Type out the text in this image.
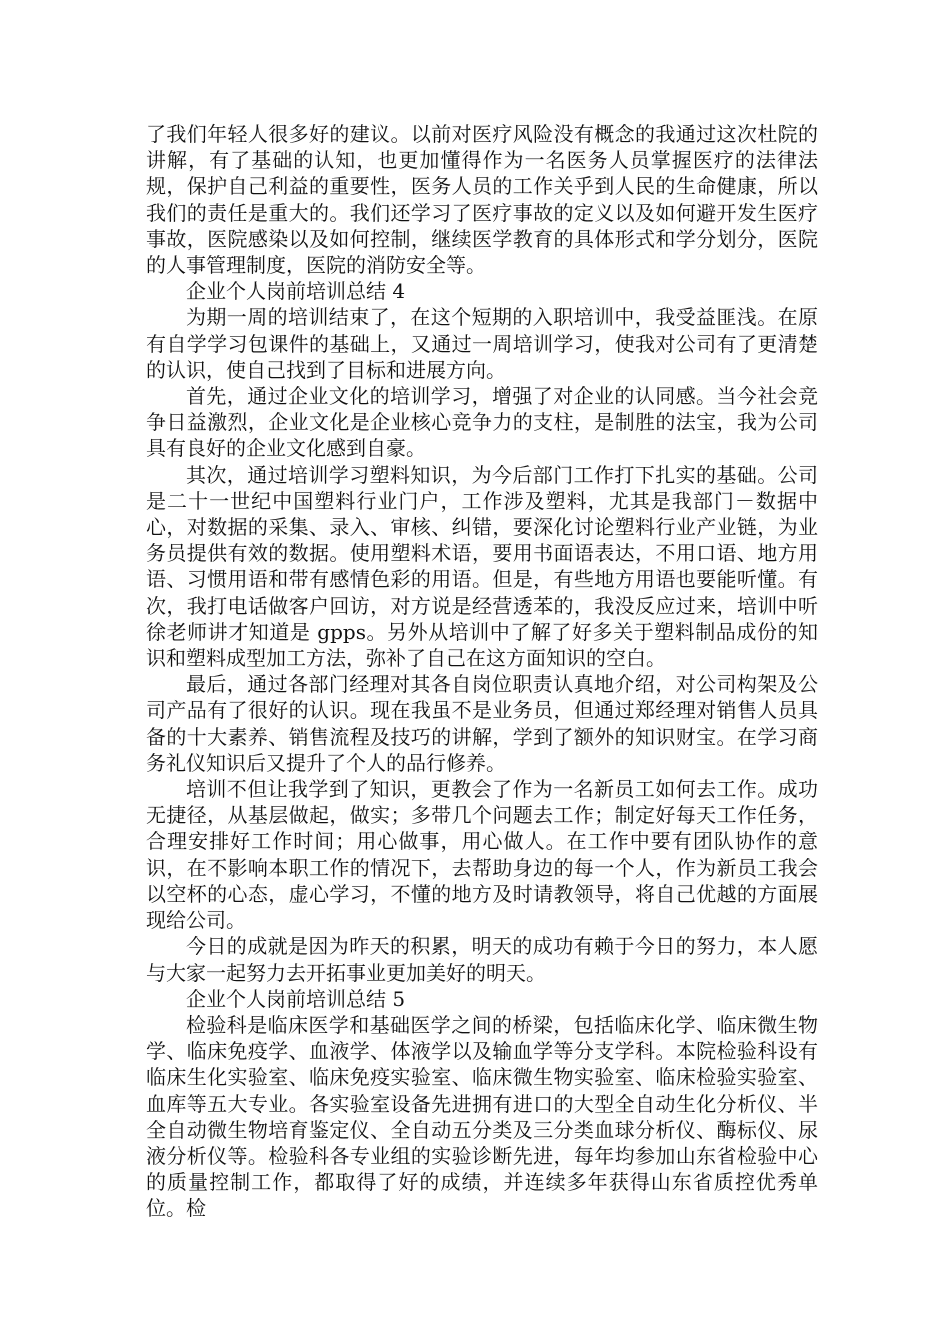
了我们年轻人很多好的建议。以前对医疗风险没有概念的我通过这次杜院的讲解，有了基础的认知，也更加懂得作为一名医务人员掌握医疗的法律法规，保护自己利益的重要性，医务人员的工作关乎到人民的生命健康，所以我们的责任是重大的。我们还学习了医疗事故的定义以及如何避开发生医疗事故，医院感染以及如何控制，继续医学教育的具体形式和学分划分，医院的人事管理制度，医院的消防安全等。

企业个人岗前培训总结 4

为期一周的培训结束了，在这个短期的入职培训中，我受益匪浅。在原有自学学习包课件的基础上，又通过一周培训学习，使我对公司有了更清楚的认识，使自己找到了目标和进展方向。

首先，通过企业文化的培训学习，增强了对企业的认同感。当今社会竞争日益激烈，企业文化是企业核心竞争力的支柱，是制胜的法宝，我为公司具有良好的企业文化感到自豪。

其次，通过培训学习塑料知识，为今后部门工作打下扎实的基础。公司是二十一世纪中国塑料行业门户，工作涉及塑料，尤其是我部门－数据中心，对数据的采集、录入、审核、纠错，要深化讨论塑料行业产业链，为业务员提供有效的数据。使用塑料术语，要用书面语表达，不用口语、地方用语、习惯用语和带有感情色彩的用语。但是，有些地方用语也要能听懂。有次，我打电话做客户回访，对方说是经营透苯的，我没反应过来，培训中听徐老师讲才知道是 gpps。另外从培训中了解了好多关于塑料制品成份的知识和塑料成型加工方法，弥补了自己在这方面知识的空白。

最后，通过各部门经理对其各自岗位职责认真地介绍，对公司构架及公司产品有了很好的认识。现在我虽不是业务员，但通过郑经理对销售人员具备的十大素养、销售流程及技巧的讲解，学到了额外的知识财宝。在学习商务礼仪知识后又提升了个人的品行修养。

培训不但让我学到了知识，更教会了作为一名新员工如何去工作。成功无捷径，从基层做起，做实；多带几个问题去工作；制定好每天工作任务，合理安排好工作时间；用心做事，用心做人。在工作中要有团队协作的意识，在不影响本职工作的情况下，去帮助身边的每一个人，作为新员工我会以空杯的心态，虚心学习，不懂的地方及时请教领导，将自己优越的方面展现给公司。

今日的成就是因为昨天的积累，明天的成功有赖于今日的努力，本人愿与大家一起努力去开拓事业更加美好的明天。

企业个人岗前培训总结 5

检验科是临床医学和基础医学之间的桥梁，包括临床化学、临床微生物学、临床免疫学、血液学、体液学以及输血学等分支学科。本院检验科设有临床生化实验室、临床免疫实验室、临床微生物实验室、临床检验实验室、血库等五大专业。各实验室设备先进拥有进口的大型全自动生化分析仪、半全自动微生物培育鉴定仪、全自动五分类及三分类血球分析仪、酶标仪、尿液分析仪等。检验科各专业组的实验诊断先进，每年均参加山东省检验中心的质量控制工作，都取得了好的成绩，并连续多年获得山东省质控优秀单位。检
